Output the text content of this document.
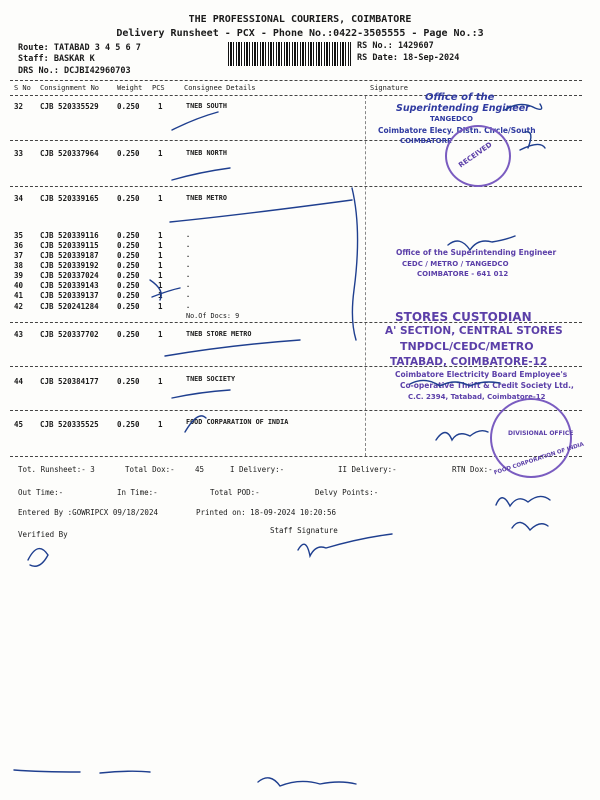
THE PROFESSIONAL COURIERS, COIMBATORE
Delivery Runsheet - PCX - Phone No.:0422-3505555 - Page No.:3
Route: TATABAD 3 4 5 6 7
Staff: BASKAR K
DRS No.: DCJBI42960703
RS No.: 1429607
RS Date: 18-Sep-2024
S No Consignment No	Weight PCS	Consignee Details	Signature
32 CJB 520335529 0.250 1	TNEB SOUTH
33 CJB 520337964 0.250 1	TNEB NORTH
34 CJB 520339165 0.250 1	TNEB METRO
35 CJB 520339116 0.250 1	.
36 CJB 520339115 0.250 1	.
37 CJB 520339187 0.250 1	.
38 CJB 520339192 0.250 1	.
39 CJB 520337024 0.250 1	.
40 CJB 520339143 0.250 1	.
41 CJB 520339137 0.250 1	.
42 CJB 520241284 0.250 1	.
No.Of Docs: 9
43 CJB 520337702 0.250 1	TNEB STORE METRO
44 CJB 520384177 0.250 1	TNEB SOCIETY
45 CJB 520335525 0.250 1	FOOD CORPARATION OF INDIA
Tot. Runsheet:- 3	Total Dox:-	45	I Delivery:-	II Delivery:-	RTN Dox:-
Out Time:-	In Time:-	Total POD:-	Delvy Points:-
Entered By :GOWRIPCX 09/18/2024	Printed on: 18-09-2024 10:20:56
Verified By	Staff Signature
Office of the
Superintending Engineer
TANGEDCO
Coimbatore Elecy. Distn. Circle/South
COIMBATORE RECEIVED
Office of the Superintending Engineer
CEDC / METRO / TANGEDCO
COIMBATORE - 641 012
STORES CUSTODIAN
A' SECTION, CENTRAL STORES
TNPDCL/CEDC/METRO
TATABAD, COIMBATORE-12
Coimbatore Electricity Board Employee's
Co-operative Thrift & Credit Society Ltd.,
C.C. 2394, Tatabad, Coimbatore-12
FOOD CORPORATION OF INDIA
DIVISIONAL OFFICE
